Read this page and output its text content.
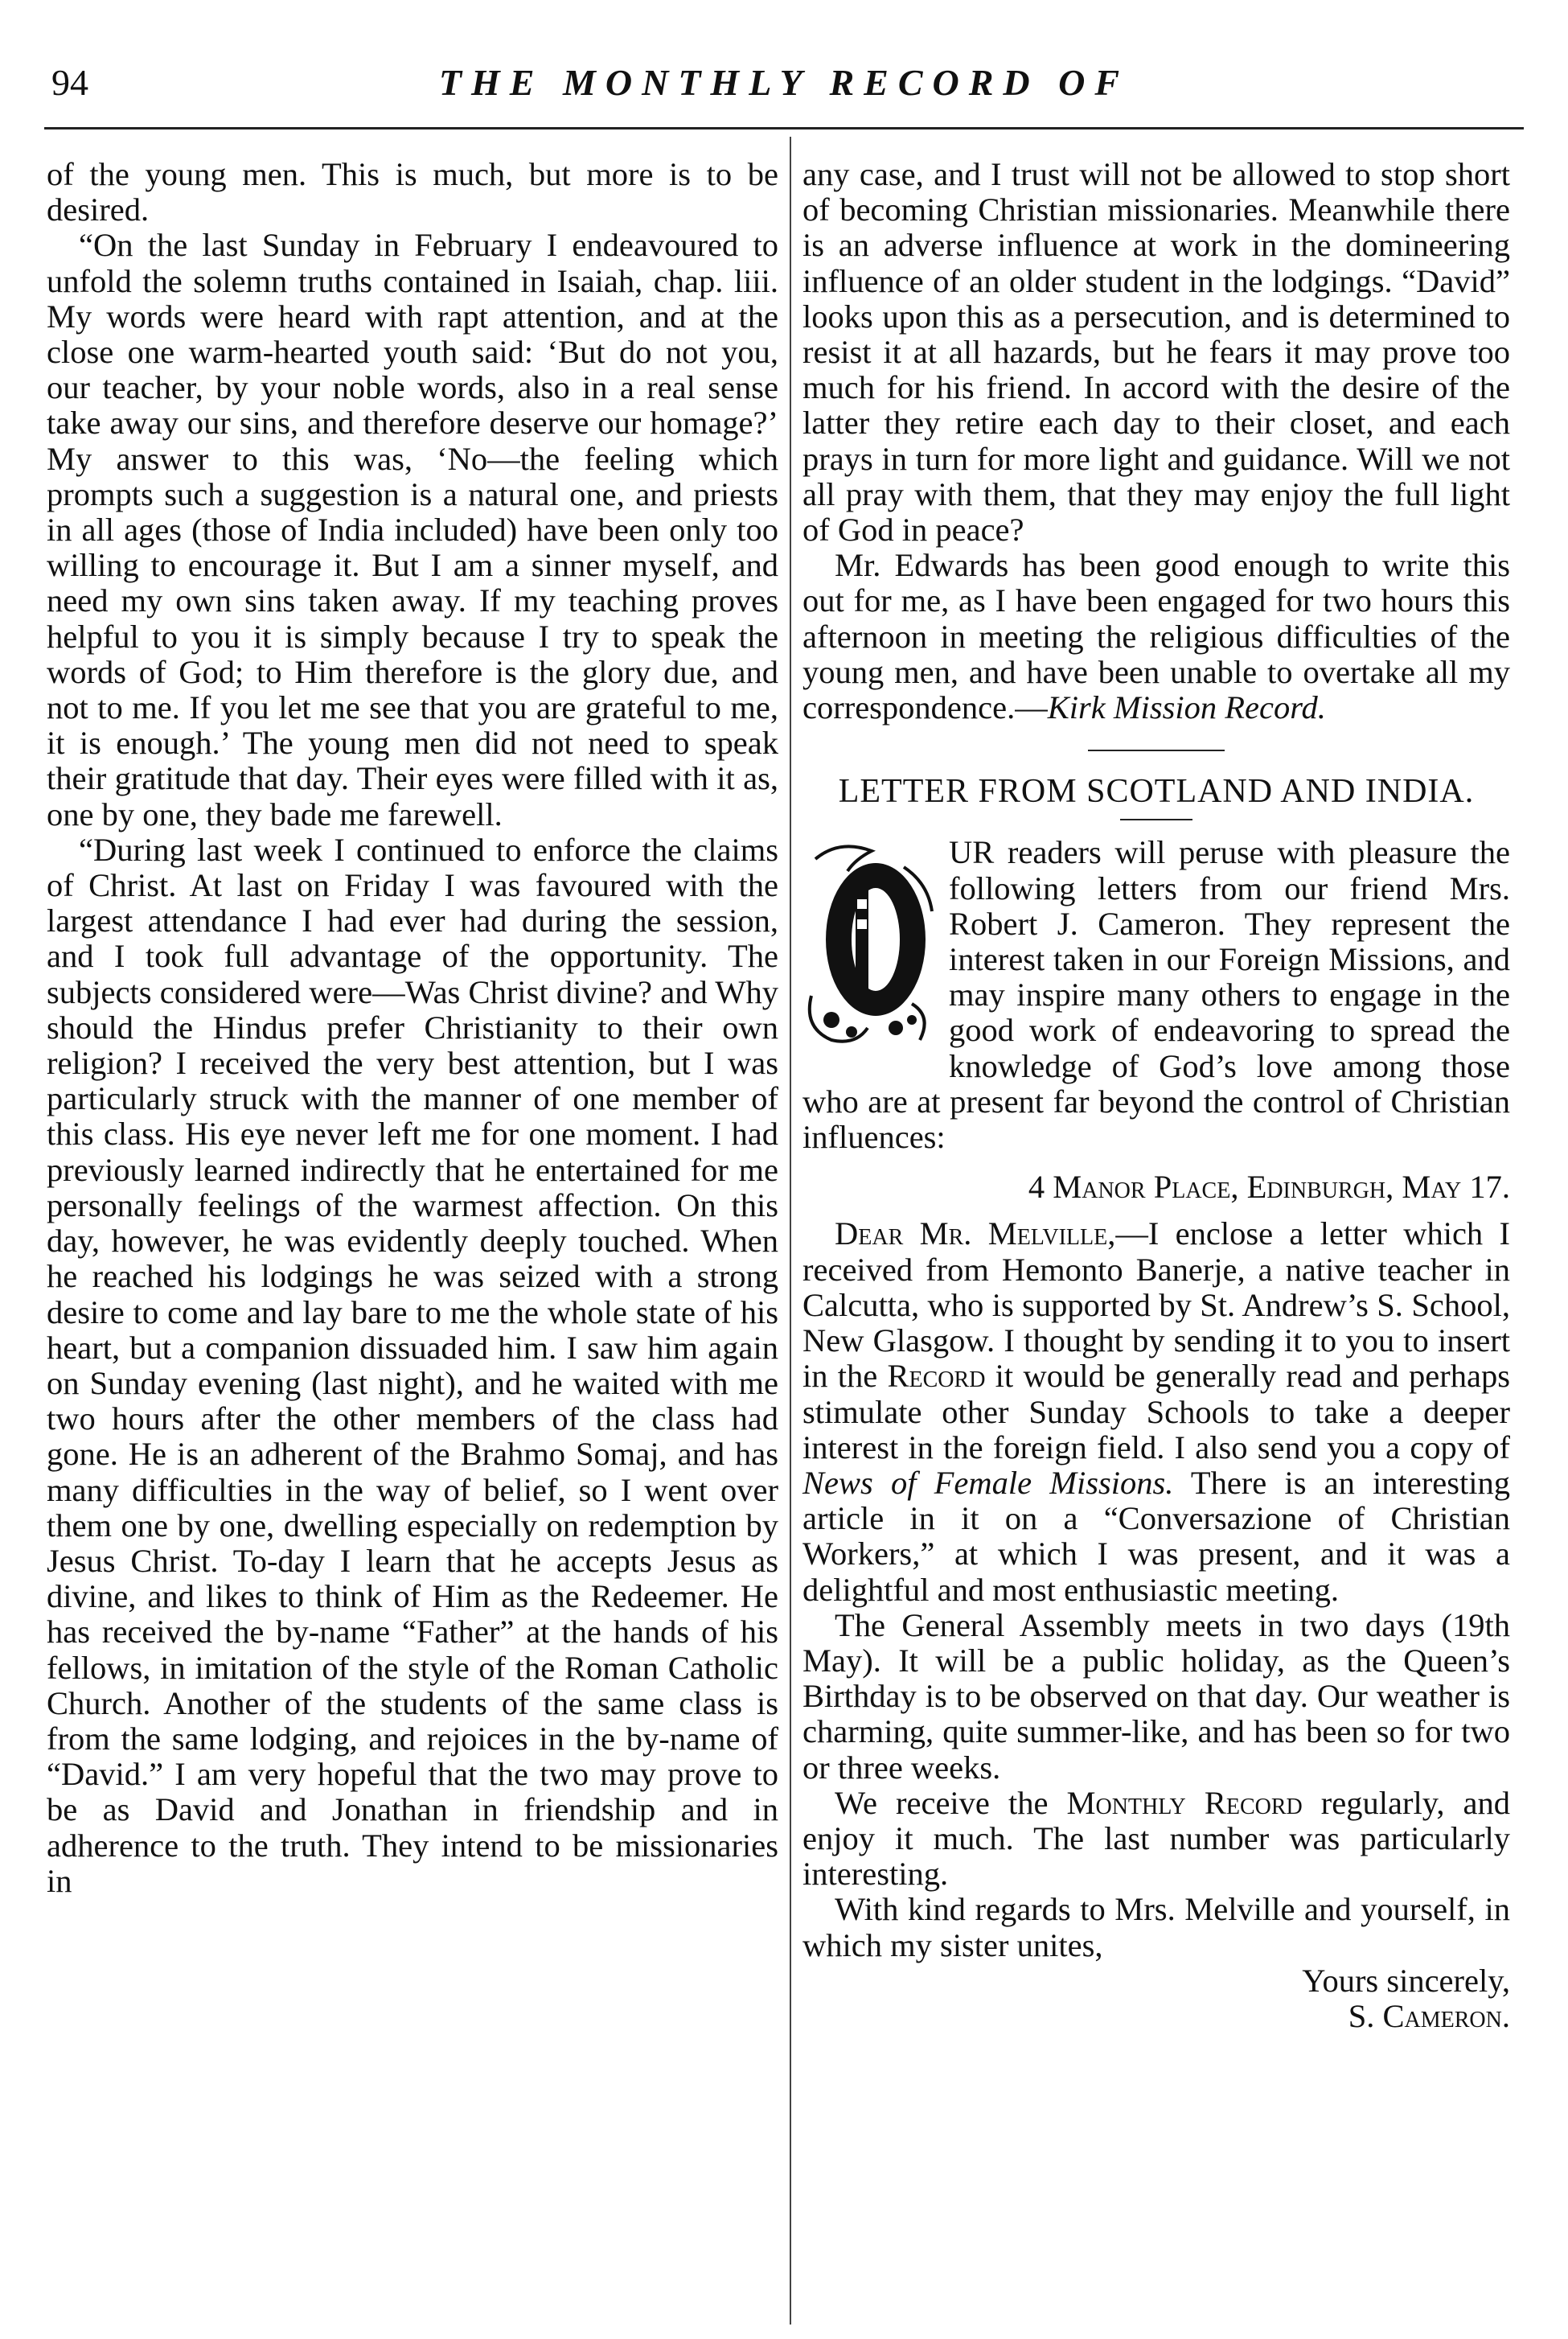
94	THE MONTHLY RECORD OF

of the young men. This is much, but more is to be desired.

“On the last Sunday in February I endeavoured to unfold the solemn truths contained in Isaiah, chap. liii. My words were heard with rapt attention, and at the close one warm-hearted youth said: ‘But do not you, our teacher, by your noble words, also in a real sense take away our sins, and therefore deserve our homage?’ My answer to this was, ‘No—the feeling which prompts such a suggestion is a natural one, and priests in all ages (those of India included) have been only too willing to encourage it. But I am a sinner myself, and need my own sins taken away. If my teaching proves helpful to you it is simply because I try to speak the words of God; to Him therefore is the glory due, and not to me. If you let me see that you are grateful to me, it is enough.’ The young men did not need to speak their gratitude that day. Their eyes were filled with it as, one by one, they bade me farewell.

“During last week I continued to enforce the claims of Christ. At last on Friday I was favoured with the largest attendance I had ever had during the session, and I took full advantage of the opportunity. The subjects considered were—Was Christ divine? and Why should the Hindus prefer Christianity to their own religion? I received the very best attention, but I was particularly struck with the manner of one member of this class. His eye never left me for one moment. I had previously learned indirectly that he entertained for me personally feelings of the warmest affection. On this day, however, he was evidently deeply touched. When he reached his lodgings he was seized with a strong desire to come and lay bare to me the whole state of his heart, but a companion dissuaded him. I saw him again on Sunday evening (last night), and he waited with me two hours after the other members of the class had gone. He is an adherent of the Brahmo Somaj, and has many difficulties in the way of belief, so I went over them one by one, dwelling especially on redemption by Jesus Christ. To-day I learn that he accepts Jesus as divine, and likes to think of Him as the Redeemer. He has received the by-name “Father” at the hands of his fellows, in imitation of the style of the Roman Catholic Church. Another of the students of the same class is from the same lodging, and rejoices in the by-name of “David.” I am very hopeful that the two may prove to be as David and Jonathan in friendship and in adherence to the truth. They intend to be missionaries in

any case, and I trust will not be allowed to stop short of becoming Christian missionaries. Meanwhile there is an adverse influence at work in the domineering influence of an older student in the lodgings. “David” looks upon this as a persecution, and is determined to resist it at all hazards, but he fears it may prove too much for his friend. In accord with the desire of the latter they retire each day to their closet, and each prays in turn for more light and guidance. Will we not all pray with them, that they may enjoy the full light of God in peace?

Mr. Edwards has been good enough to write this out for me, as I have been engaged for two hours this afternoon in meeting the religious difficulties of the young men, and have been unable to overtake all my correspondence.—Kirk Mission Record.

LETTER FROM SCOTLAND AND INDIA.

UR readers will peruse with pleasure the following letters from our friend Mrs. Robert J. Cameron. They represent the interest taken in our Foreign Missions, and may inspire many others to engage in the good work of endeavoring to spread the knowledge of God’s love among those who are at present far beyond the control of Christian influences:

4 Manor Place, Edinburgh, May 17.

Dear Mr. Melville,—I enclose a letter which I received from Hemonto Banerje, a native teacher in Calcutta, who is supported by St. Andrew’s S. School, New Glasgow. I thought by sending it to you to insert in the Record it would be generally read and perhaps stimulate other Sunday Schools to take a deeper interest in the foreign field. I also send you a copy of News of Female Missions. There is an interesting article in it on a “Conversazione of Christian Workers,” at which I was present, and it was a delightful and most enthusiastic meeting.

The General Assembly meets in two days (19th May). It will be a public holiday, as the Queen’s Birthday is to be observed on that day. Our weather is charming, quite summer-like, and has been so for two or three weeks.

We receive the Monthly Record regularly, and enjoy it much. The last number was particularly interesting.

With kind regards to Mrs. Melville and yourself, in which my sister unites,

Yours sincerely,

S. Cameron.
